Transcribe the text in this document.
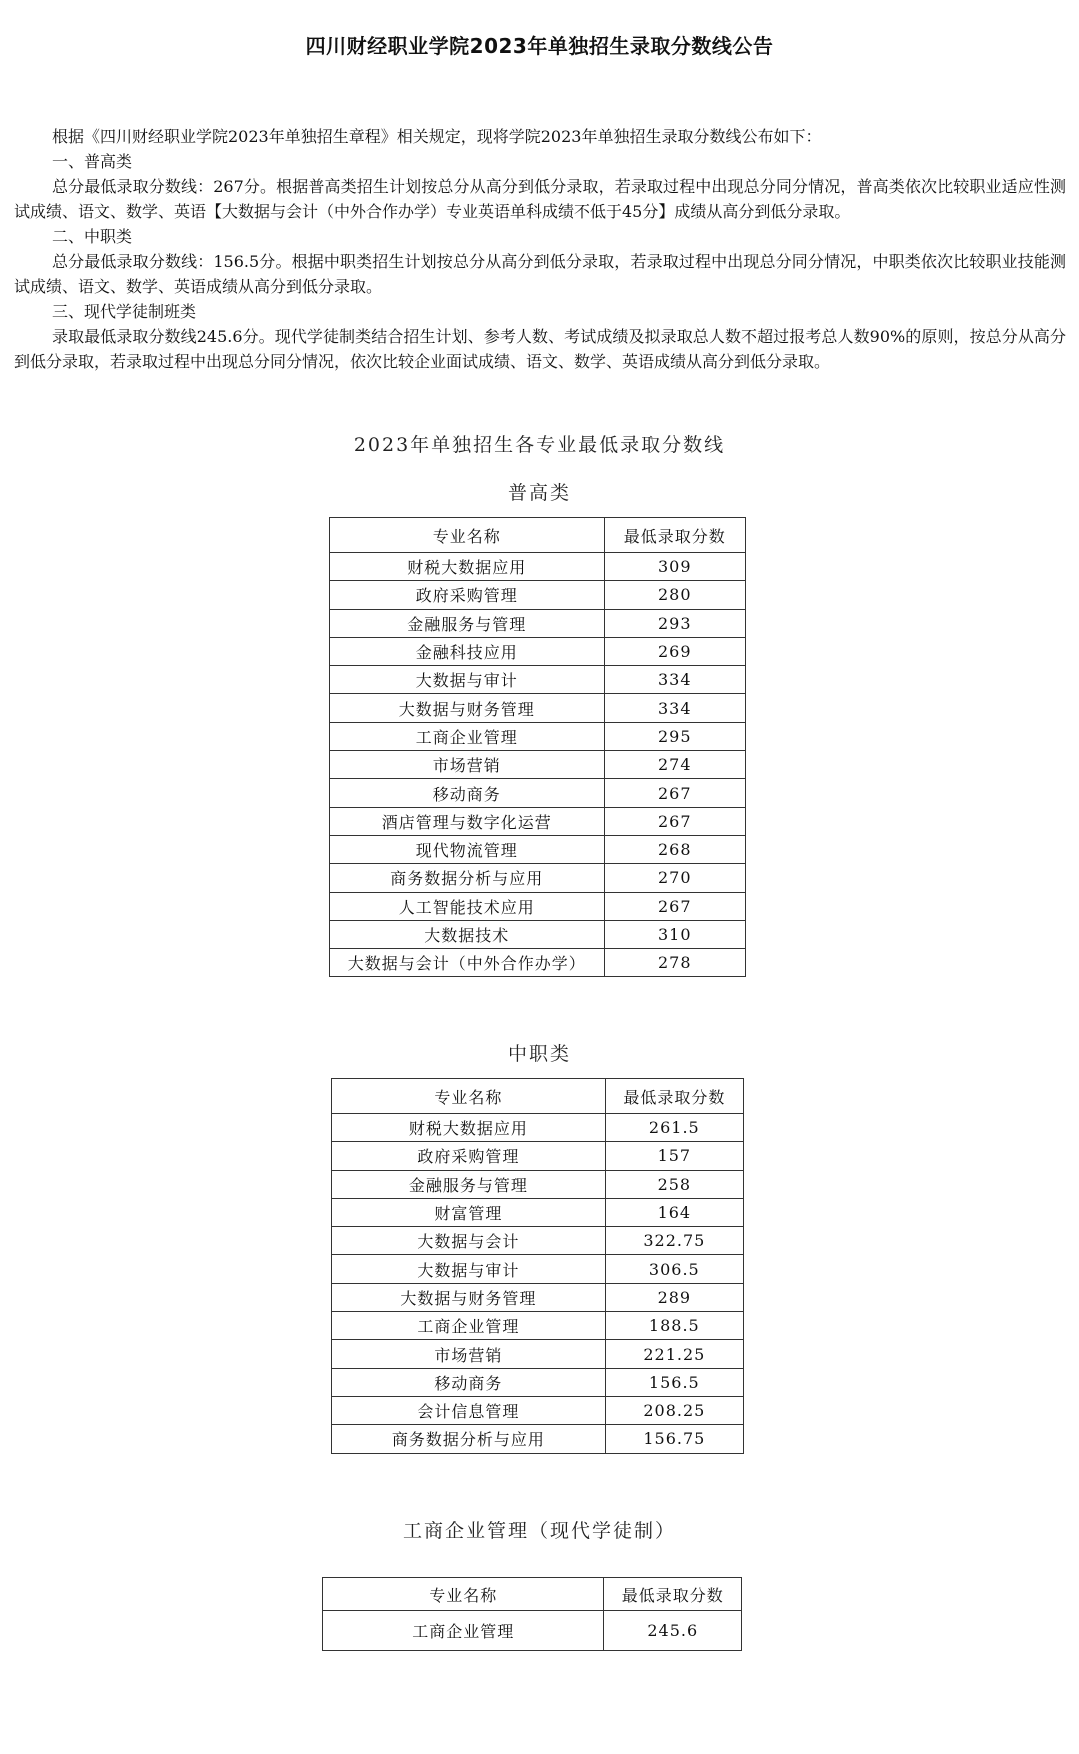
四川财经职业学院2023年单独招生录取分数线公告

根据《四川财经职业学院2023年单独招生章程》相关规定，现将学院2023年单独招生录取分数线公布如下：

一、普高类

总分最低录取分数线：267分。根据普高类招生计划按总分从高分到低分录取，若录取过程中出现总分同分情况，普高类依次比较职业适应性测试成绩、语文、数学、英语【大数据与会计（中外合作办学）专业英语单科成绩不低于45分】成绩从高分到低分录取。

二、中职类

总分最低录取分数线：156.5分。根据中职类招生计划按总分从高分到低分录取，若录取过程中出现总分同分情况，中职类依次比较职业技能测试成绩、语文、数学、英语成绩从高分到低分录取。

三、现代学徒制班类

录取最低录取分数线245.6分。现代学徒制类结合招生计划、参考人数、考试成绩及拟录取总人数不超过报考总人数90%的原则，按总分从高分到低分录取，若录取过程中出现总分同分情况，依次比较企业面试成绩、语文、数学、英语成绩从高分到低分录取。

2023年单独招生各专业最低录取分数线
普高类
专业名称	最低录取分数
财税大数据应用	309
政府采购管理	280
金融服务与管理	293
金融科技应用	269
大数据与审计	334
大数据与财务管理	334
工商企业管理	295
市场营销	274
移动商务	267
酒店管理与数字化运营	267
现代物流管理	268
商务数据分析与应用	270
人工智能技术应用	267
大数据技术	310
大数据与会计（中外合作办学）	278
中职类
专业名称	最低录取分数
财税大数据应用	261.5
政府采购管理	157
金融服务与管理	258
财富管理	164
大数据与会计	322.75
大数据与审计	306.5
大数据与财务管理	289
工商企业管理	188.5
市场营销	221.25
移动商务	156.5
会计信息管理	208.25
商务数据分析与应用	156.75
工商企业管理（现代学徒制）
专业名称	最低录取分数
工商企业管理	245.6
